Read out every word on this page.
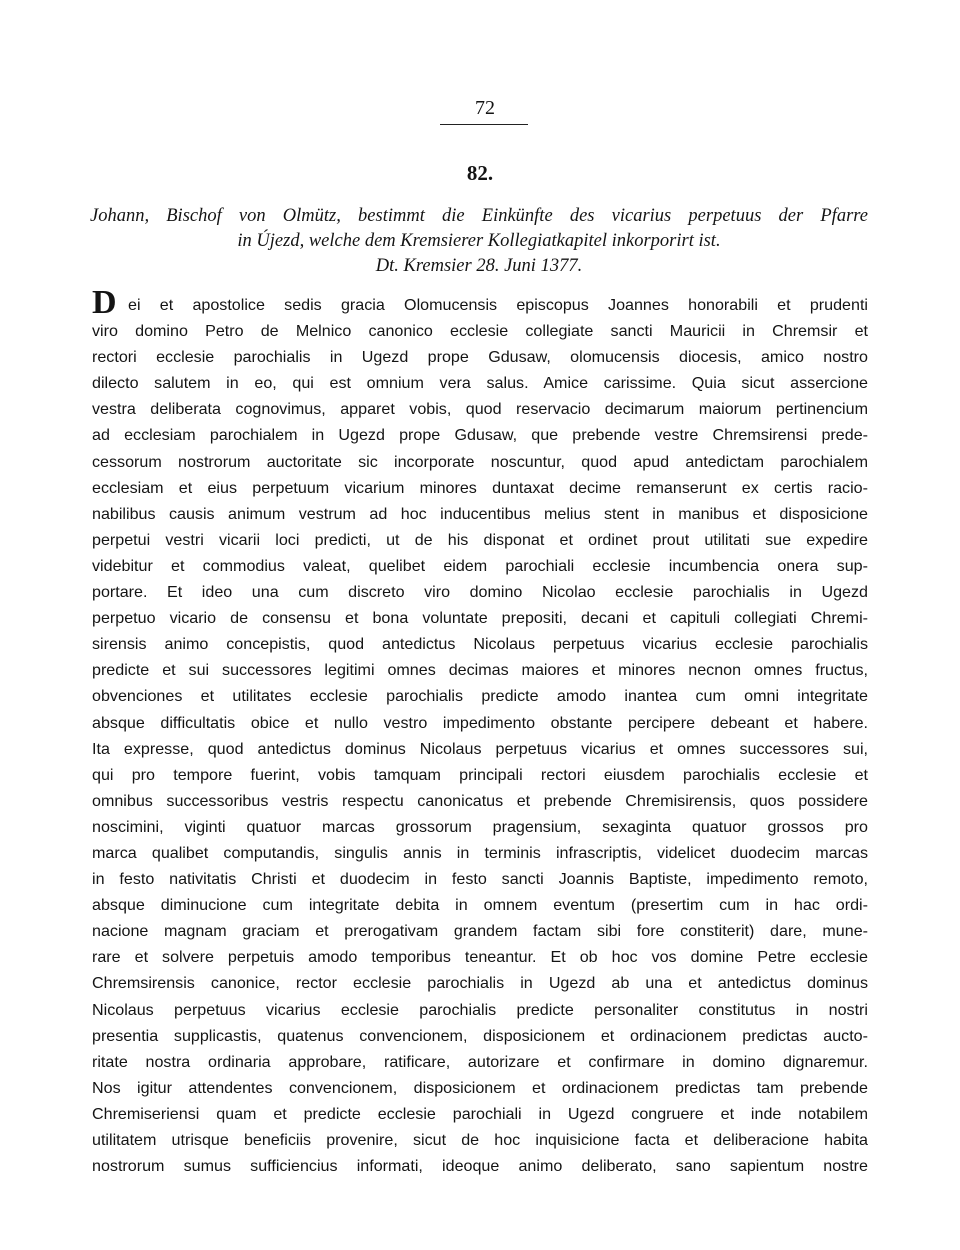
72
82.
Johann, Bischof von Olmütz, bestimmt die Einkünfte des vicarius perpetuus der Pfarre
in Újezd, welche dem Kremsierer Kollegiatkapitel inkorporirt ist.
Dt. Kremsier 28. Juni 1377.
D ei et apostolice sedis gracia Olomucensis episcopus Joannes honorabili et prudenti
viro domino Petro de Melnico canonico ecclesie collegiate sancti Mauricii in Chremsir et
rectori ecclesie parochialis in Ugezd prope Gdusaw, olomucensis diocesis, amico nostro
dilecto salutem in eo, qui est omnium vera salus. Amice carissime. Quia sicut assercione
vestra deliberata cognovimus, apparet vobis, quod reservacio decimarum maiorum pertinencium
ad ecclesiam parochialem in Ugezd prope Gdusaw, que prebende vestre Chremsirensi prede-
cessorum nostrorum auctoritate sic incorporate noscuntur, quod apud antedictam parochialem
ecclesiam et eius perpetuum vicarium minores duntaxat decime remanserunt ex certis racio-
nabilibus causis animum vestrum ad hoc inducentibus melius stent in manibus et disposicione
perpetui vestri vicarii loci predicti, ut de his disponat et ordinet prout utilitati sue expedire
videbitur et commodius valeat, quelibet eidem parochiali ecclesie incumbencia onera sup-
portare. Et ideo una cum discreto viro domino Nicolao ecclesie parochialis in Ugezd
perpetuo vicario de consensu et bona voluntate prepositi, decani et capituli collegiati Chremi-
sirensis animo concepistis, quod antedictus Nicolaus perpetuus vicarius ecclesie parochialis
predicte et sui successores legitimi omnes decimas maiores et minores necnon omnes fructus,
obvenciones et utilitates ecclesie parochialis predicte amodo inantea cum omni integritate
absque difficultatis obice et nullo vestro impedimento obstante percipere debeant et habere.
Ita expresse, quod antedictus dominus Nicolaus perpetuus vicarius et omnes successores sui,
qui pro tempore fuerint, vobis tamquam principali rectori eiusdem parochialis ecclesie et
omnibus successoribus vestris respectu canonicatus et prebende Chremisirensis, quos possidere
noscimini, viginti quatuor marcas grossorum pragensium, sexaginta quatuor grossos pro
marca qualibet computandis, singulis annis in terminis infrascriptis, videlicet duodecim marcas
in festo nativitatis Christi et duodecim in festo sancti Joannis Baptiste, impedimento remoto,
absque diminucione cum integritate debita in omnem eventum (presertim cum in hac ordi-
nacione magnam graciam et prerogativam grandem factam sibi fore constiterit) dare, mune-
rare et solvere perpetuis amodo temporibus teneantur. Et ob hoc vos domine Petre ecclesie
Chremsirensis canonice, rector ecclesie parochialis in Ugezd ab una et antedictus dominus
Nicolaus perpetuus vicarius ecclesie parochialis predicte personaliter constitutus in nostri
presentia supplicastis, quatenus convencionem, disposicionem et ordinacionem predictas aucto-
ritate nostra ordinaria approbare, ratificare, autorizare et confirmare in domino dignaremur.
Nos igitur attendentes convencionem, disposicionem et ordinacionem predictas tam prebende
Chremiseriensi quam et predicte ecclesie parochiali in Ugezd congruere et inde notabilem
utilitatem utrisque beneficiis provenire, sicut de hoc inquisicione facta et deliberacione habita
nostrorum sumus sufficiencius informati, ideoque animo deliberato, sano sapientum nostre
